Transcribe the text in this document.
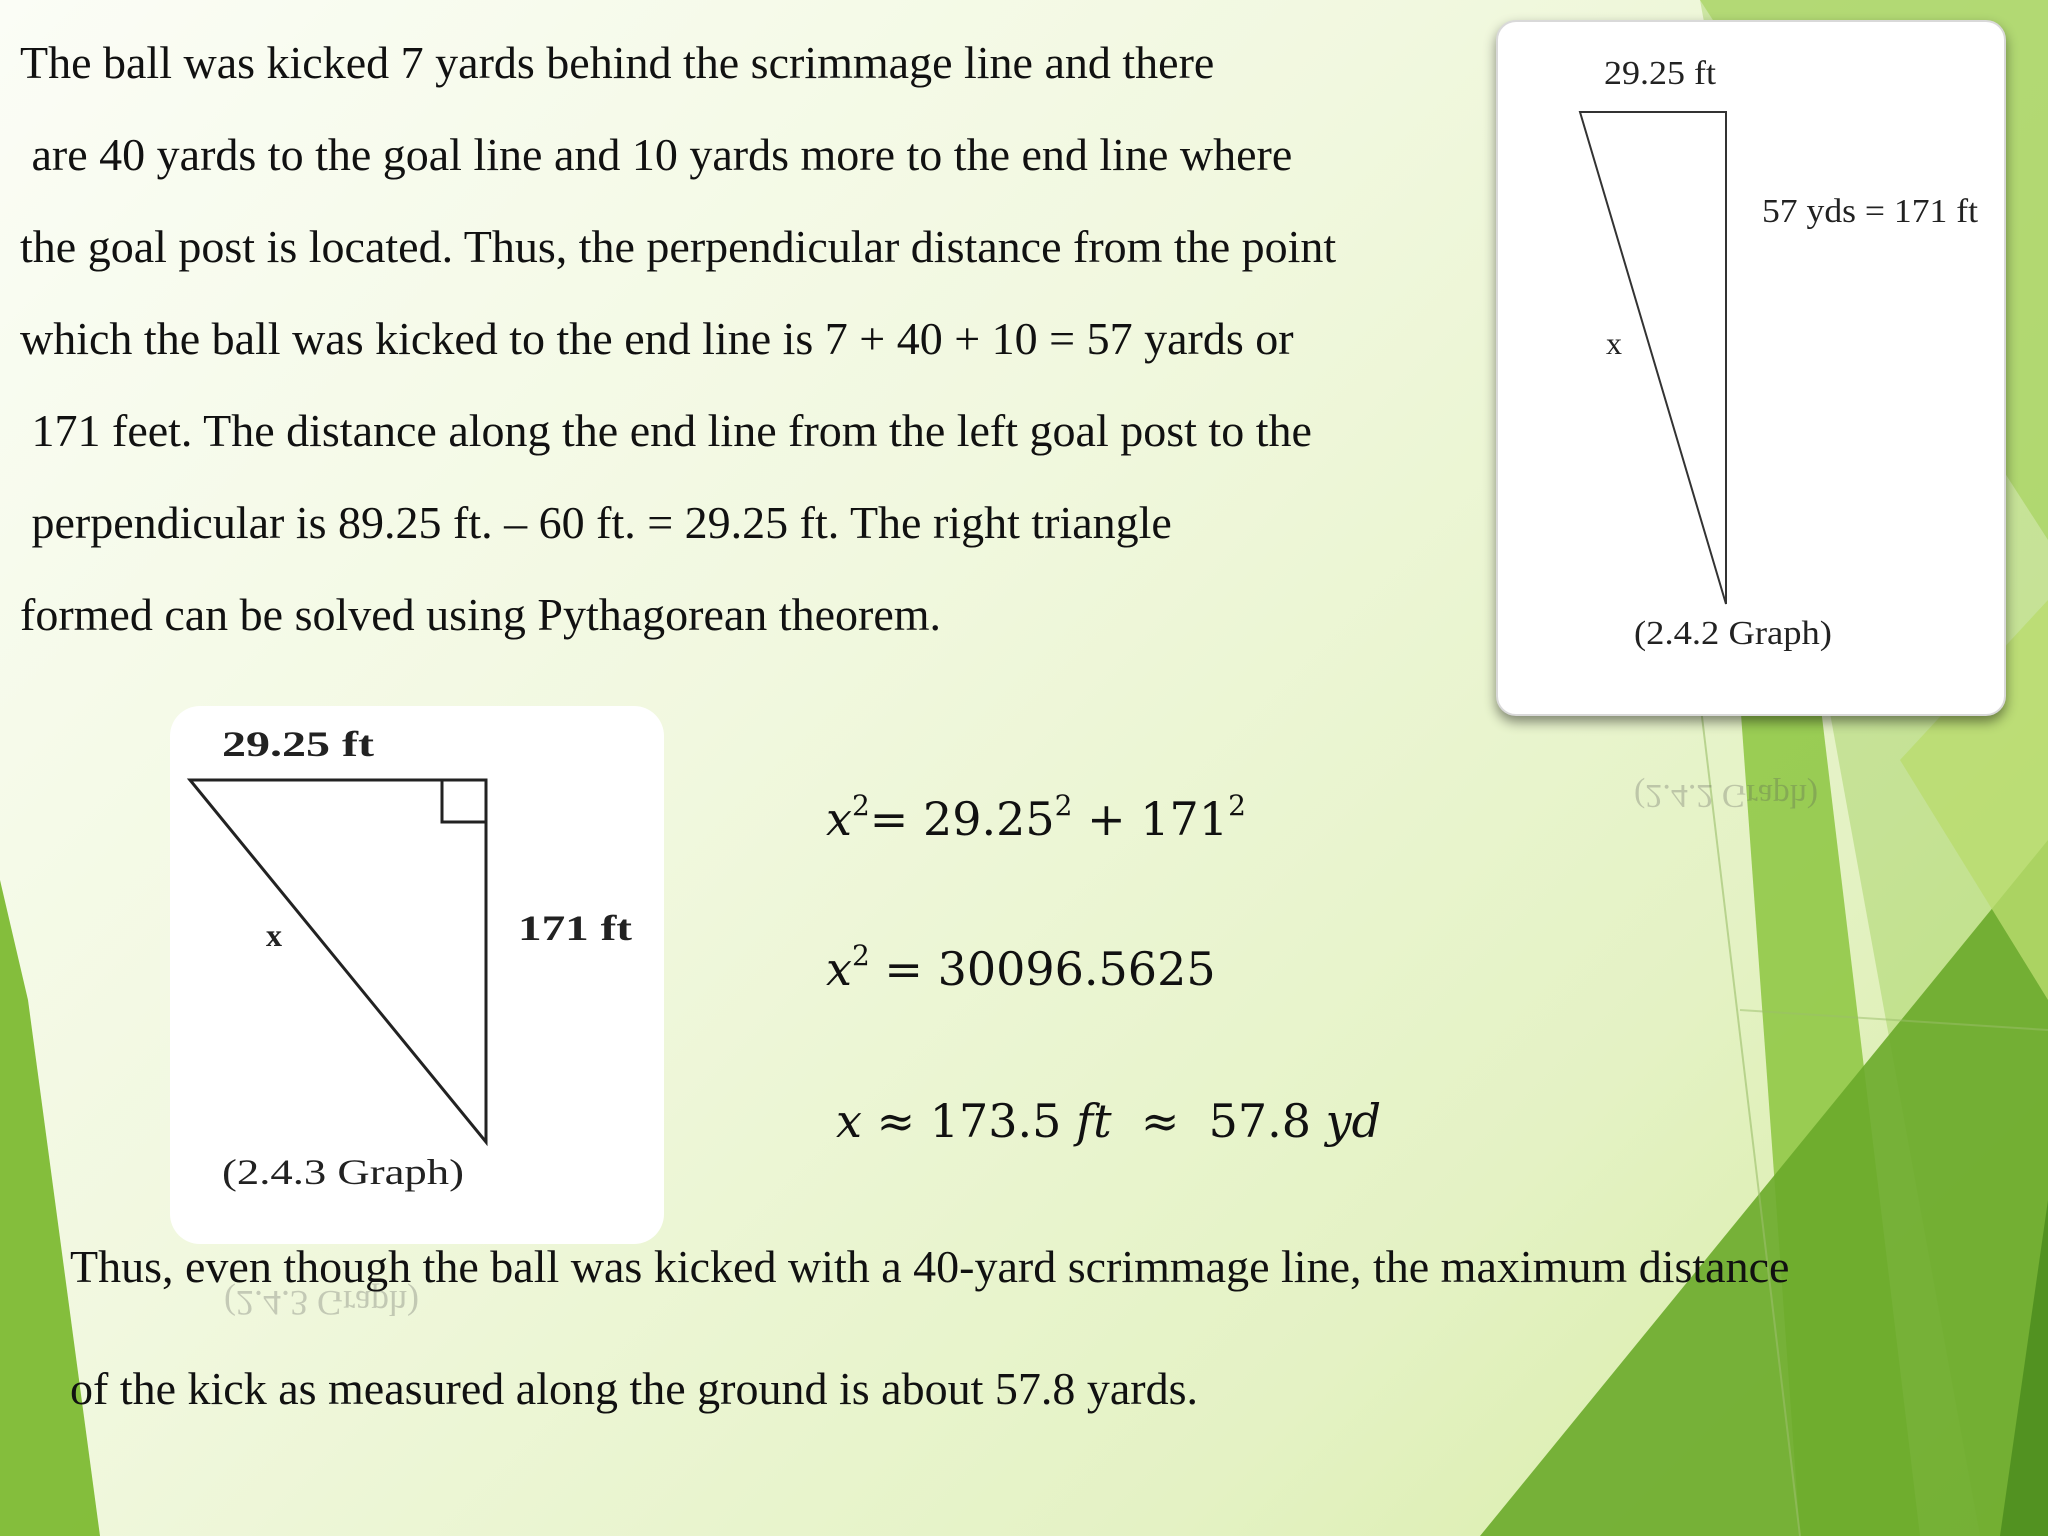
The ball was kicked 7 yards behind the scrimmage line and there
are 40 yards to the goal line and 10 yards more to the end line where
the goal post is located. Thus, the perpendicular distance from the point
which the ball was kicked to the end line is 7 + 40 + 10 = 57 yards or
171 feet. The distance along the end line from the left goal post to the
perpendicular is 89.25 ft. – 60 ft. = 29.25 ft. The right triangle
formed can be solved using Pythagorean theorem.
29.25 ft
57 yds = 171 ft
x
(2.4.2 Graph)
(2.4.2 Graph)
(2.4.3 Graph)
29.25 ft
171 ft
x
(2.4.3 Graph)
$x^2= 29.25^2 + 171^2$
$x^2 = 30096.5625$
x ≈ 173.5 ft  ≈  57.8 yd
Thus, even though the ball was kicked with a 40-yard scrimmage line, the maximum distance
of the kick as measured along the ground is about 57.8 yards.
